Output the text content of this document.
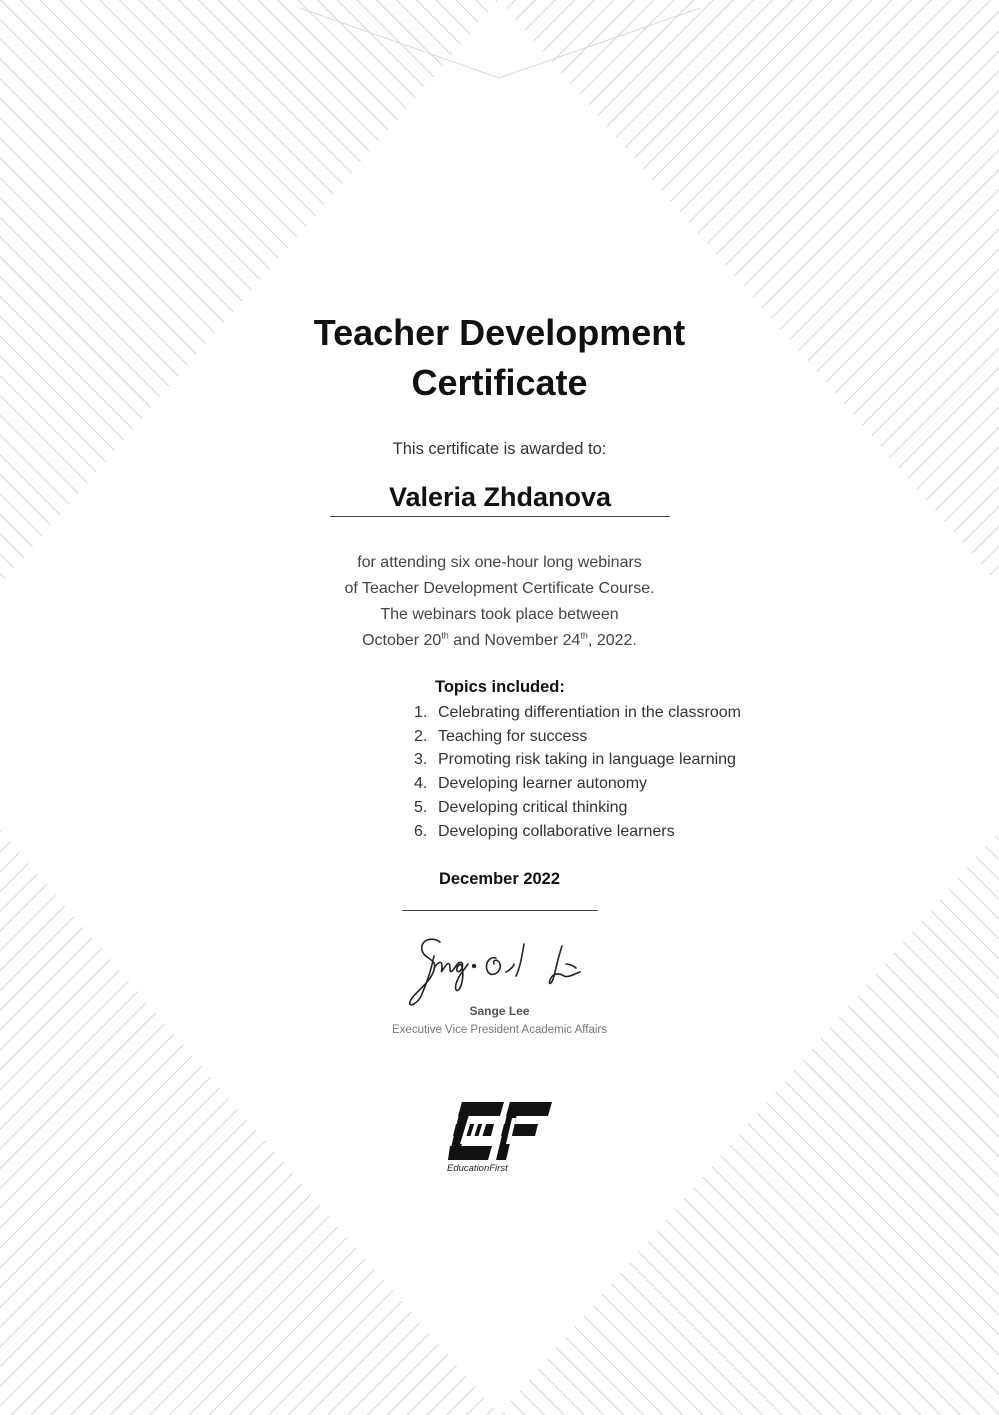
Teacher Development
Certificate
This certificate is awarded to:
Valeria Zhdanova
for attending six one-hour long webinars
of Teacher Development Certificate Course.
The webinars took place between
October 20th and November 24th, 2022.
Topics included:
1. Celebrating differentiation in the classroom
2. Teaching for success
3. Promoting risk taking in language learning
4. Developing learner autonomy
5. Developing critical thinking
6. Developing collaborative learners
December 2022
Sange Lee
Executive Vice President Academic Affairs
EducationFirst
